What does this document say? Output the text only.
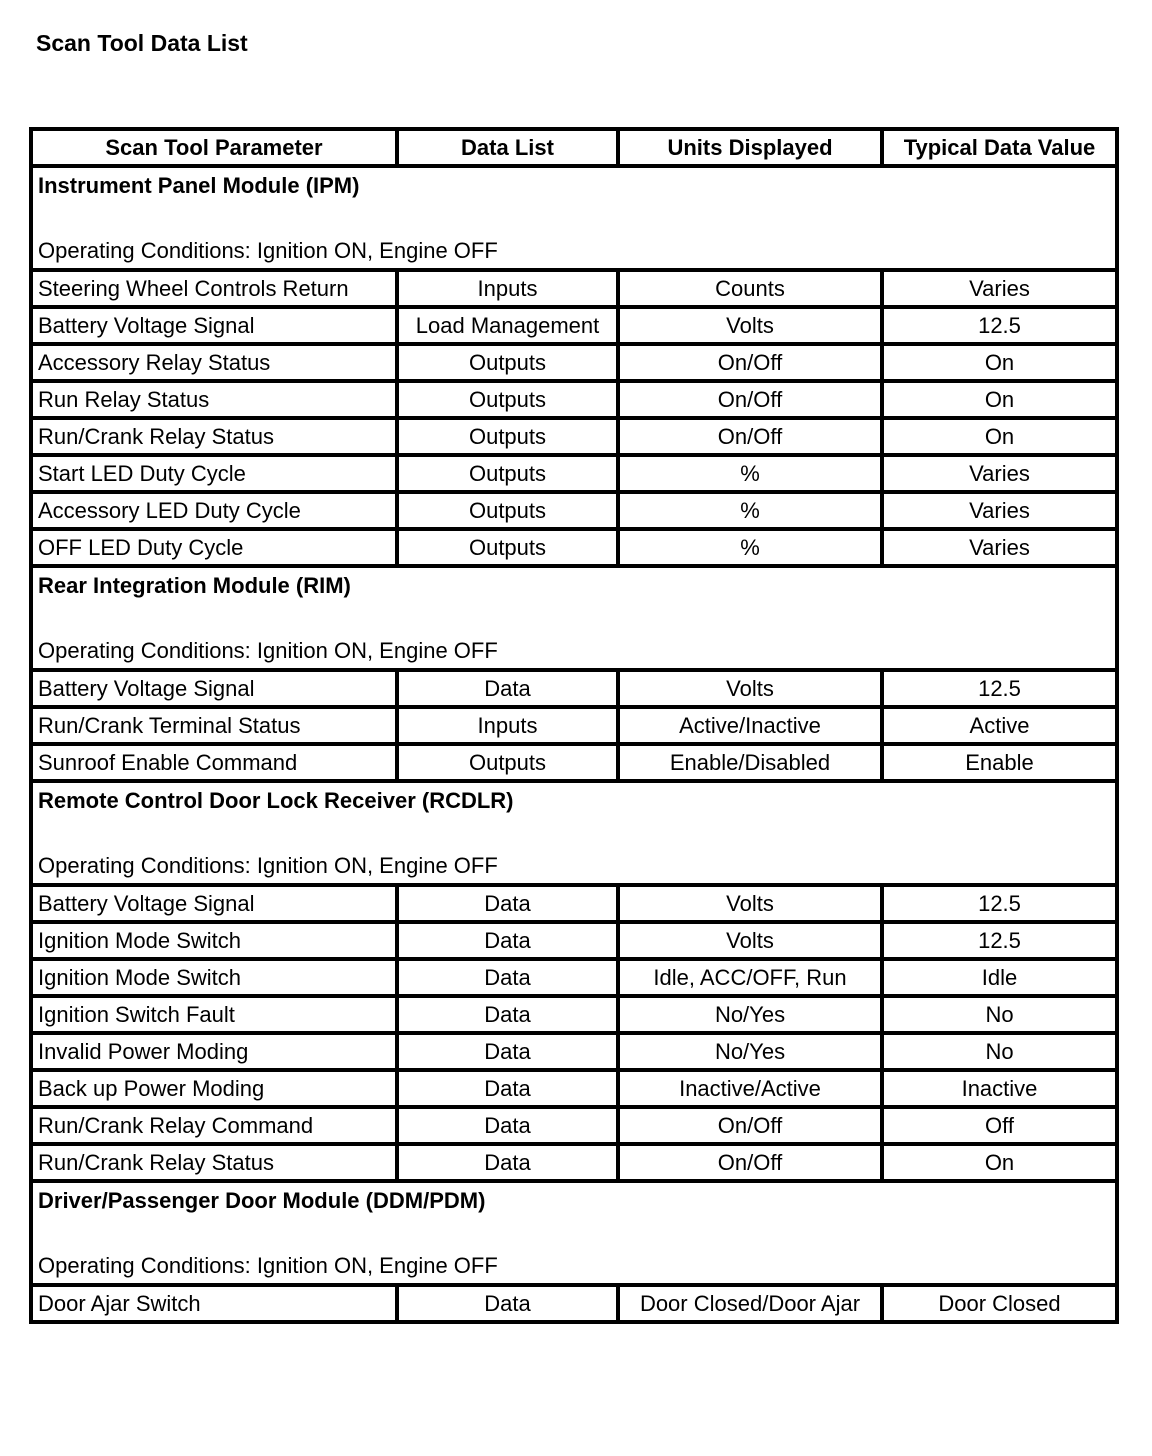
Scan Tool Data List
Scan Tool Parameter	Data List	Units Displayed	Typical Data Value

Instrument Panel Module (IPM)
Operating Conditions: Ignition ON, Engine OFF			

Steering Wheel Controls Return	Inputs	Counts	Varies
Battery Voltage Signal	Load Management	Volts	12.5
Accessory Relay Status	Outputs	On/Off	On
Run Relay Status	Outputs	On/Off	On
Run/Crank Relay Status	Outputs	On/Off	On
Start LED Duty Cycle	Outputs	%	Varies
Accessory LED Duty Cycle	Outputs	%	Varies
OFF LED Duty Cycle	Outputs	%	Varies

Rear Integration Module (RIM)
Operating Conditions: Ignition ON, Engine OFF			

Battery Voltage Signal	Data	Volts	12.5
Run/Crank Terminal Status	Inputs	Active/Inactive	Active
Sunroof Enable Command	Outputs	Enable/Disabled	Enable

Remote Control Door Lock Receiver (RCDLR)
Operating Conditions: Ignition ON, Engine OFF			

Battery Voltage Signal	Data	Volts	12.5
Ignition Mode Switch	Data	Volts	12.5
Ignition Mode Switch	Data	Idle, ACC/OFF, Run	Idle
Ignition Switch Fault	Data	No/Yes	No
Invalid Power Moding	Data	No/Yes	No
Back up Power Moding	Data	Inactive/Active	Inactive
Run/Crank Relay Command	Data	On/Off	Off
Run/Crank Relay Status	Data	On/Off	On

Driver/Passenger Door Module (DDM/PDM)
Operating Conditions: Ignition ON, Engine OFF			

Door Ajar Switch	Data	Door Closed/Door Ajar	Door Closed
